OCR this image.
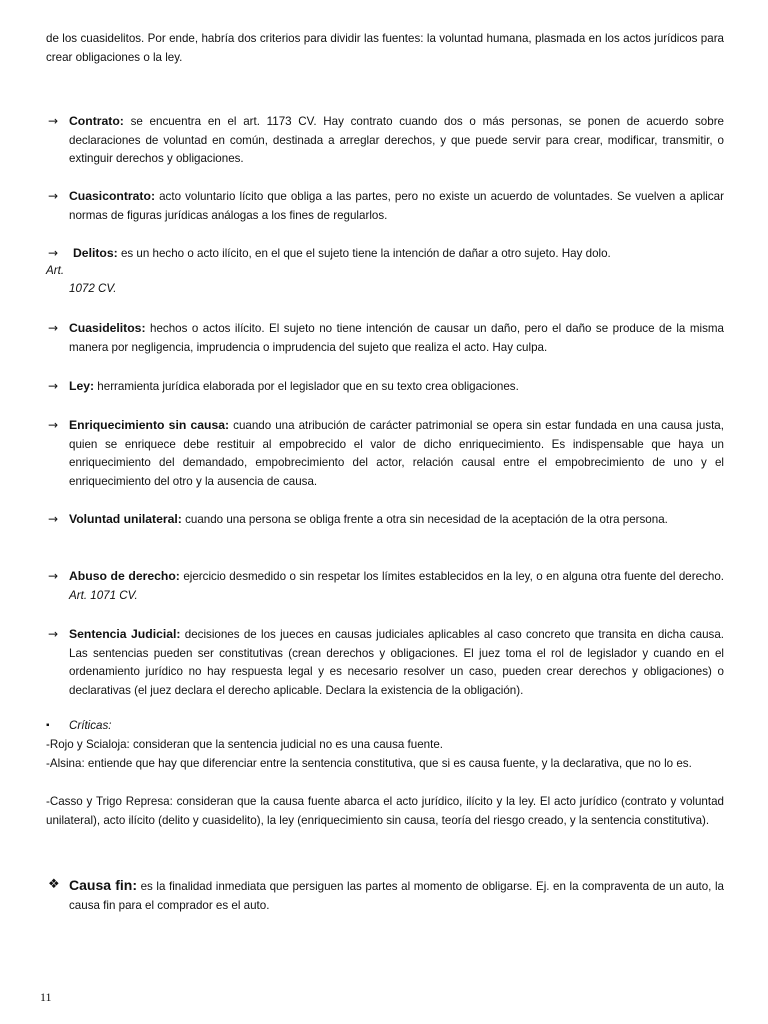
de los cuasidelitos. Por ende, habría dos criterios para dividir las fuentes: la voluntad humana, plasmada en los actos jurídicos para crear obligaciones o la ley.

→ Contrato: se encuentra en el art. 1173 CV. Hay contrato cuando dos o más personas, se ponen de acuerdo sobre declaraciones de voluntad en común, destinada a arreglar derechos, y que puede servir para crear, modificar, transmitir, o extinguir derechos y obligaciones.
→ Cuasicontrato: acto voluntario lícito que obliga a las partes, pero no existe un acuerdo de voluntades. Se vuelven a aplicar normas de figuras jurídicas análogas a los fines de regularlos.
→ Delitos: es un hecho o acto ilícito, en el que el sujeto tiene la intención de dañar a otro sujeto. Hay dolo.
Art.
1072 CV.
→ Cuasidelitos: hechos o actos ilícito. El sujeto no tiene intención de causar un daño, pero el daño se produce de la misma manera por negligencia, imprudencia o imprudencia del sujeto que realiza el acto. Hay culpa.
→ Ley: herramienta jurídica elaborada por el legislador que en su texto crea obligaciones.
→ Enriquecimiento sin causa: cuando una atribución de carácter patrimonial se opera sin estar fundada en una causa justa, quien se enriquece debe restituir al empobrecido el valor de dicho enriquecimiento. Es indispensable que haya un enriquecimiento del demandado, empobrecimiento del actor, relación causal entre el empobrecimiento de uno y el enriquecimiento del otro y la ausencia de causa.
→ Voluntad unilateral: cuando una persona se obliga frente a otra sin necesidad de la aceptación de la otra persona.
→ Abuso de derecho: ejercicio desmedido o sin respetar los límites establecidos en la ley, o en alguna otra fuente del derecho. Art. 1071 CV.
→ Sentencia Judicial: decisiones de los jueces en causas judiciales aplicables al caso concreto que transita en dicha causa. Las sentencias pueden ser constitutivas (crean derechos y obligaciones. El juez toma el rol de legislador y cuando en el ordenamiento jurídico no hay respuesta legal y es necesario resolver un caso, pueden crear derechos y obligaciones) o declarativas (el juez declara el derecho aplicable. Declara la existencia de la obligación).
▪ Críticas:
-Rojo y Scialoja: consideran que la sentencia judicial no es una causa fuente.
-Alsina: entiende que hay que diferenciar entre la sentencia constitutiva, que si es causa fuente, y la declarativa, que no lo es.
-Casso y Trigo Represa: consideran que la causa fuente abarca el acto jurídico, ilícito y la ley. El acto jurídico (contrato y voluntad unilateral), acto ilícito (delito y cuasidelito), la ley (enriquecimiento sin causa, teoría del riesgo creado, y la sentencia constitutiva).
❖ Causa fin: es la finalidad inmediata que persiguen las partes al momento de obligarse. Ej. en la compraventa de un auto, la causa fin para el comprador es el auto.
11
